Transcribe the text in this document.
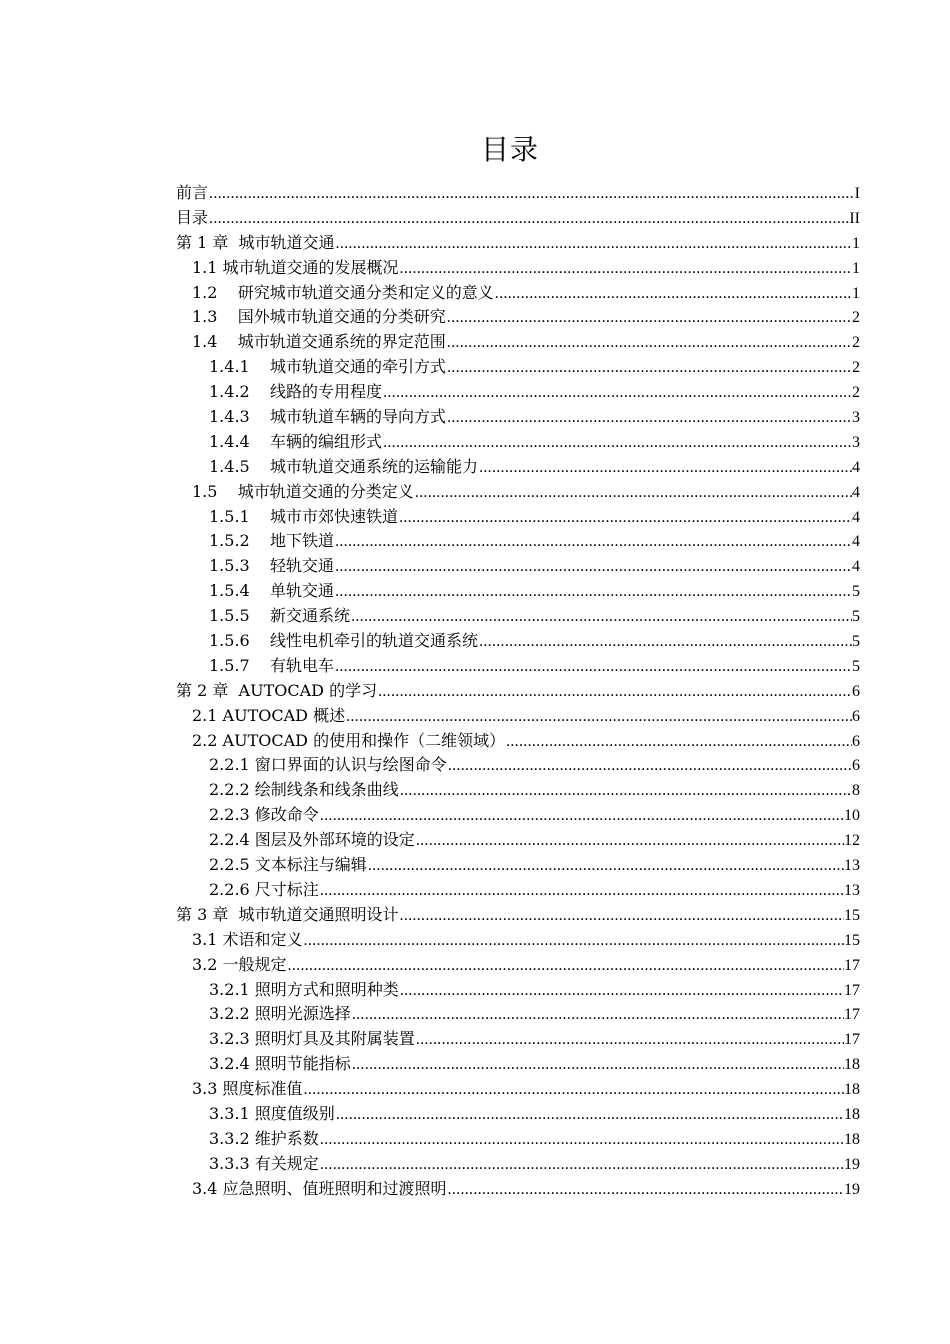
目录
前言 .....	I
目录 .....	II
第 1 章  城市轨道交通 .....	1
1.1 城市轨道交通的发展概况 .....	1
1.2    研究城市轨道交通分类和定义的意义 .....	1
1.3    国外城市轨道交通的分类研究 .....	2
1.4    城市轨道交通系统的界定范围 .....	2
1.4.1    城市轨道交通的牵引方式 .....	2
1.4.2    线路的专用程度 .....	2
1.4.3    城市轨道车辆的导向方式 .....	3
1.4.4    车辆的编组形式 .....	3
1.4.5    城市轨道交通系统的运输能力 .....	4
1.5    城市轨道交通的分类定义 .....	4
1.5.1    城市市郊快速铁道 .....	4
1.5.2    地下铁道 .....	4
1.5.3    轻轨交通 .....	4
1.5.4    单轨交通 .....	5
1.5.5    新交通系统 .....	5
1.5.6    线性电机牵引的轨道交通系统 .....	5
1.5.7    有轨电车 .....	5
第 2 章  AUTOCAD 的学习 .....	6
2.1 AUTOCAD 概述 .....	6
2.2 AUTOCAD 的使用和操作（二维领域） .....	6
2.2.1 窗口界面的认识与绘图命令 .....	6
2.2.2 绘制线条和线条曲线 .....	8
2.2.3 修改命令 .....	10
2.2.4 图层及外部环境的设定 .....	12
2.2.5 文本标注与编辑 .....	13
2.2.6 尺寸标注 .....	13
第 3 章  城市轨道交通照明设计 .....	15
3.1 术语和定义 .....	15
3.2 一般规定 .....	17
3.2.1 照明方式和照明种类 .....	17
3.2.2 照明光源选择 .....	17
3.2.3 照明灯具及其附属装置 .....	17
3.2.4 照明节能指标 .....	18
3.3 照度标准值 .....	18
3.3.1 照度值级别 .....	18
3.3.2 维护系数 .....	18
3.3.3 有关规定 .....	19
3.4 应急照明、值班照明和过渡照明 .....	19
